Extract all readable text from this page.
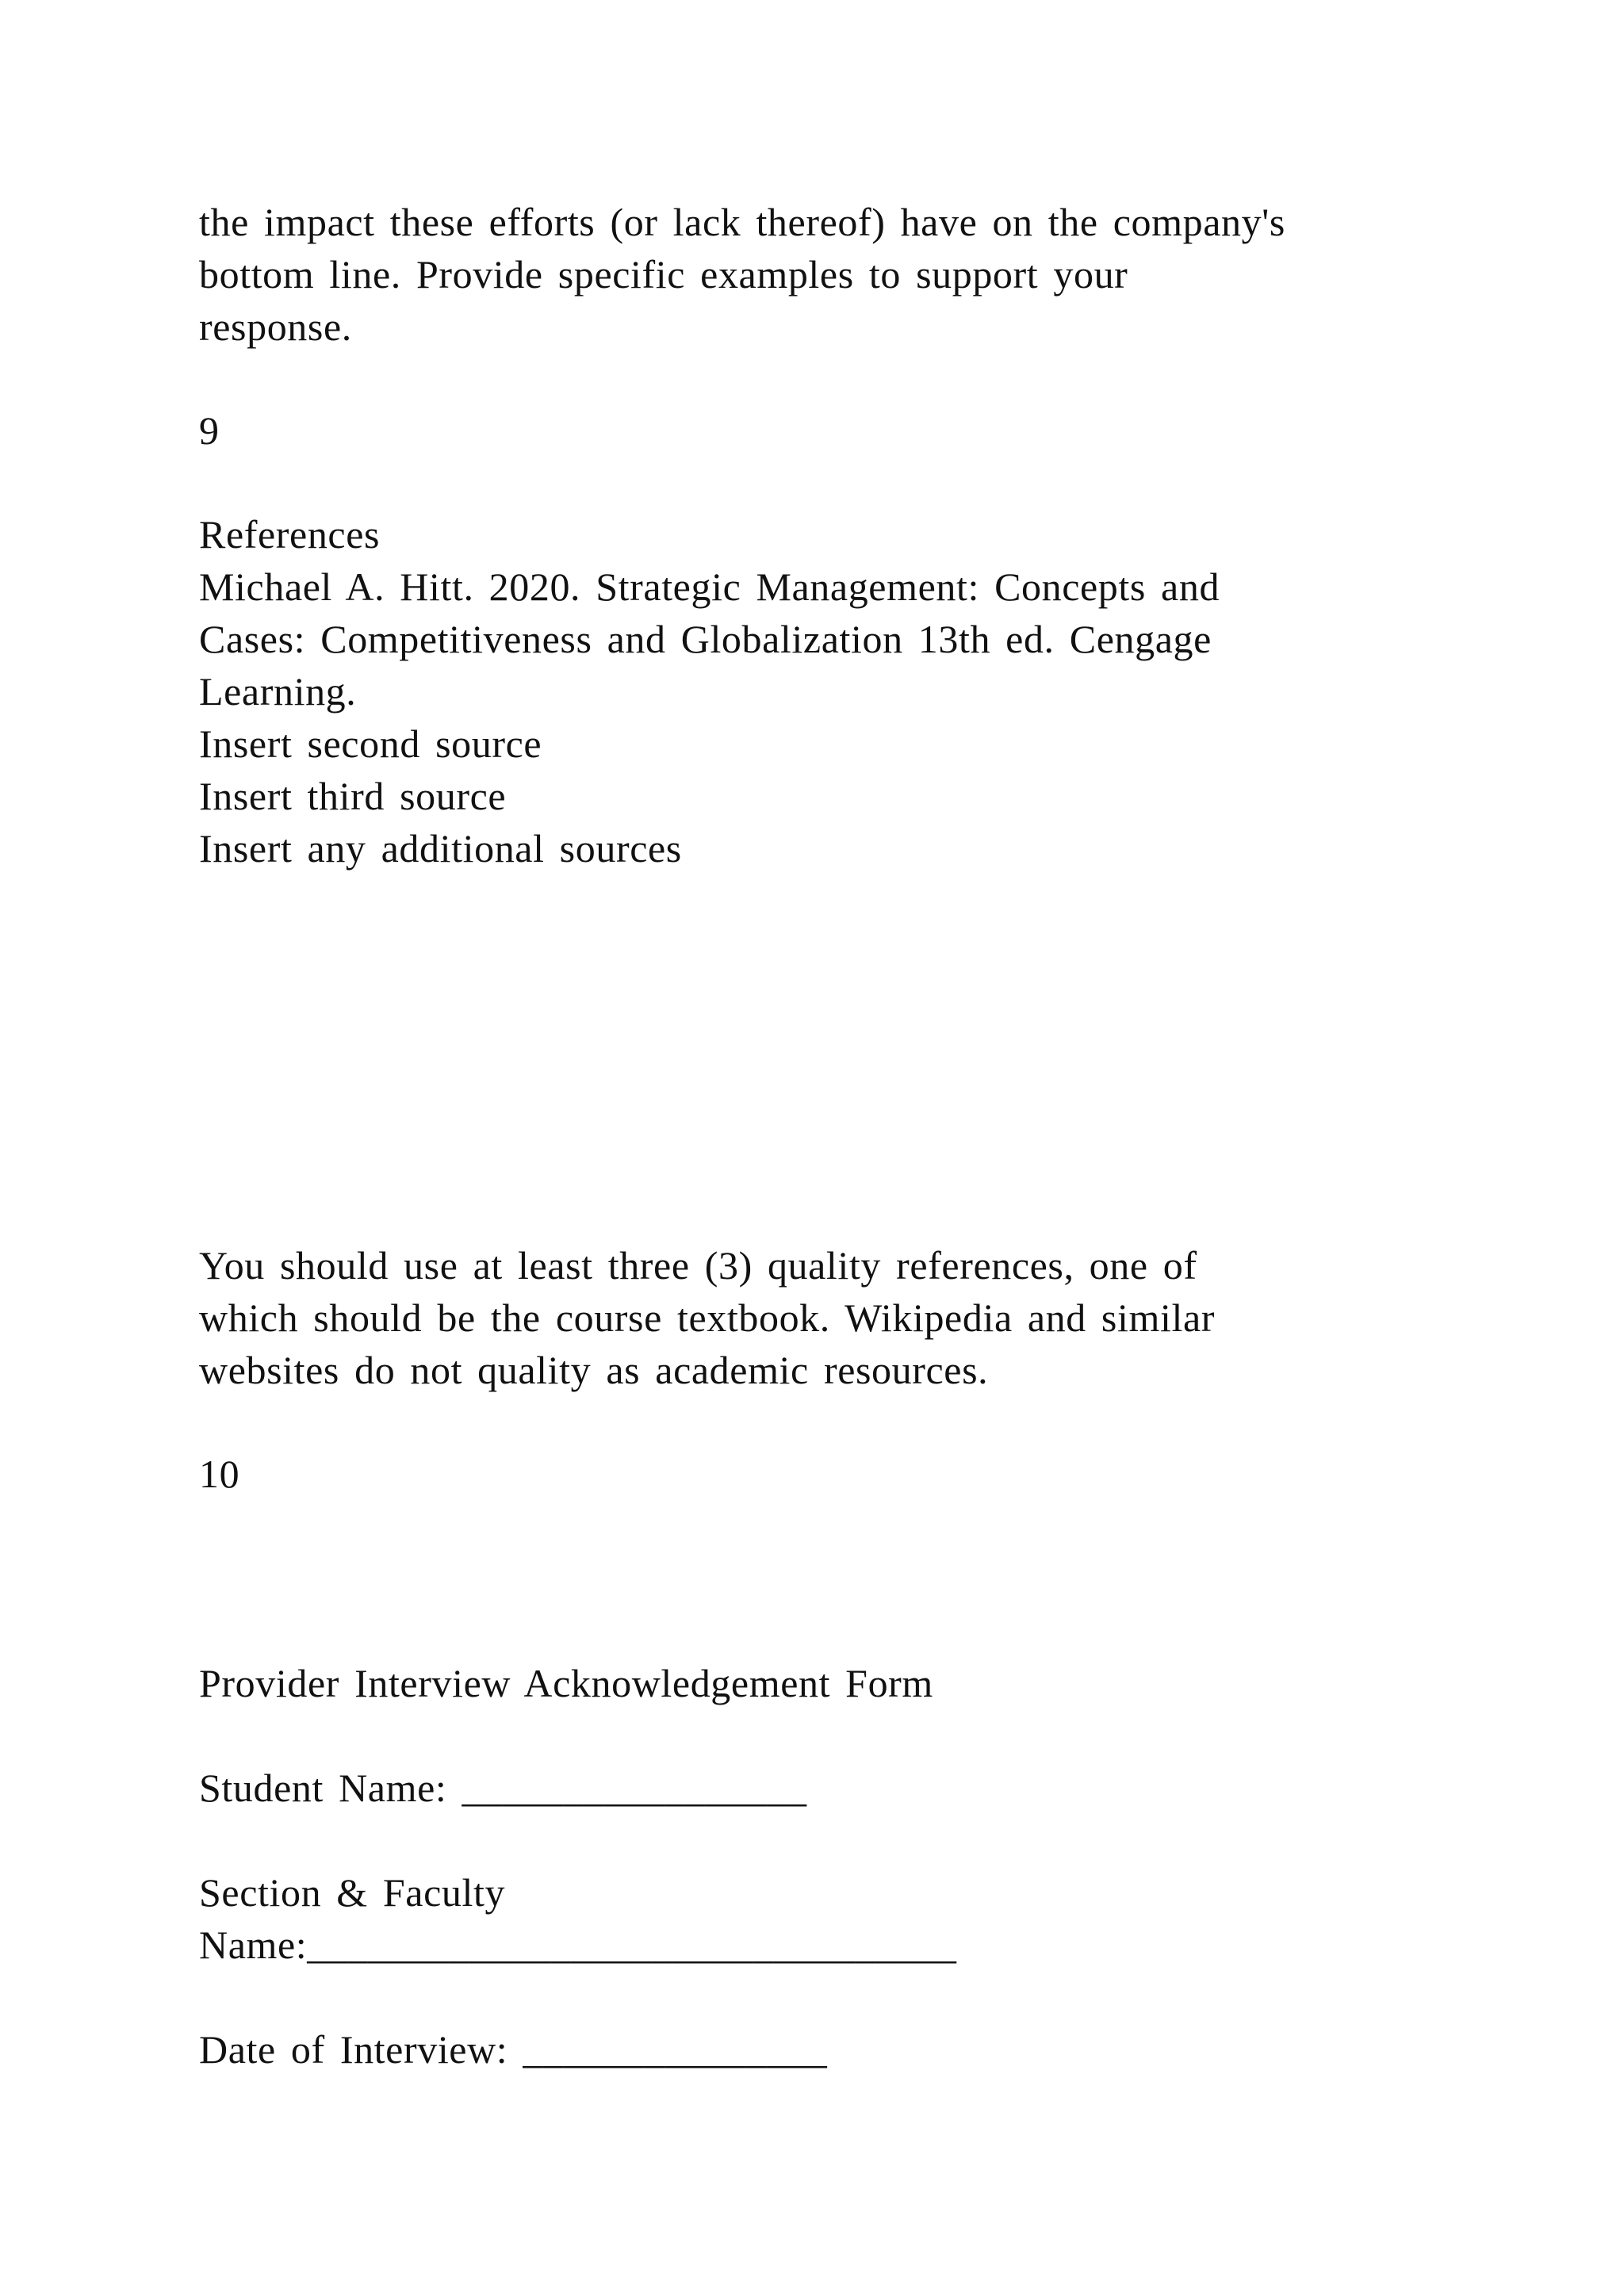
the impact these efforts (or lack thereof) have on the company's

bottom line. Provide specific examples to support your

response.

9

References

Michael A. Hitt. 2020. Strategic Management: Concepts and

Cases: Competitiveness and Globalization 13th ed. Cengage

Learning.

Insert second source

Insert third source

Insert any additional sources

You should use at least three (3) quality references, one of

which should be the course textbook. Wikipedia and similar

websites do not quality as academic resources.

10

Provider Interview Acknowledgement Form

Student Name: _________________

Section & Faculty

Name:________________________________

Date of Interview: _______________
